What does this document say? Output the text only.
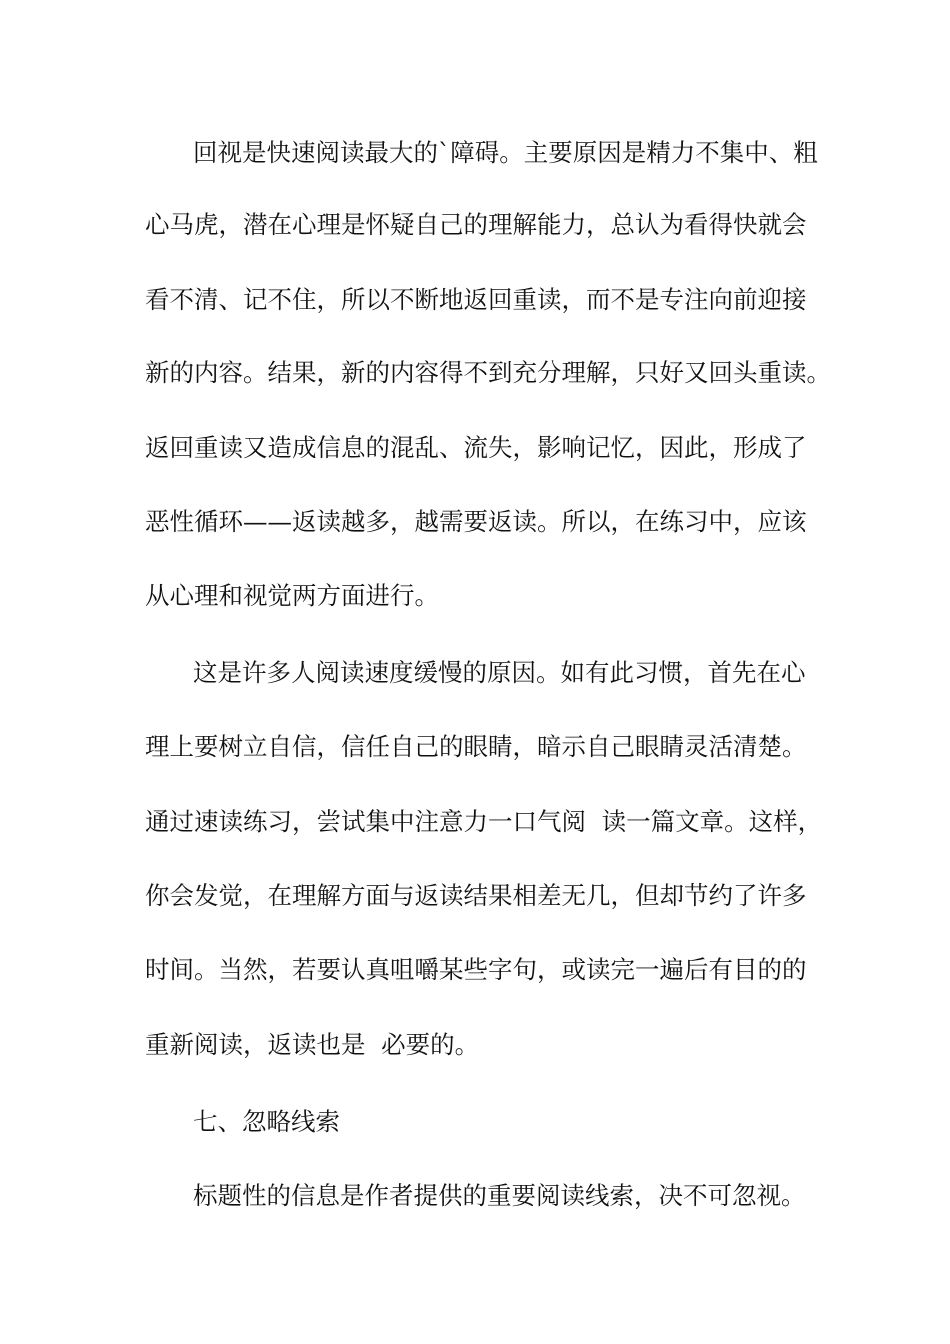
回视是快速阅读最大的`障碍。主要原因是精力不集中、粗
心马虎，潜在心理是怀疑自己的理解能力，总认为看得快就会
看不清、记不住，所以不断地返回重读，而不是专注向前迎接
新的内容。结果，新的内容得不到充分理解，只好又回头重读。
返回重读又造成信息的混乱、流失，影响记忆，因此，形成了
恶性循环——返读越多，越需要返读。所以，在练习中，应该
从心理和视觉两方面进行。
这是许多人阅读速度缓慢的原因。如有此习惯，首先在心
理上要树立自信，信任自己的眼睛，暗示自己眼睛灵活清楚。
通过速读练习，尝试集中注意力一口气阅  读一篇文章。这样，
你会发觉，在理解方面与返读结果相差无几，但却节约了许多
时间。当然，若要认真咀嚼某些字句，或读完一遍后有目的的
重新阅读，返读也是  必要的。
七、忽略线索
标题性的信息是作者提供的重要阅读线索，决不可忽视。
